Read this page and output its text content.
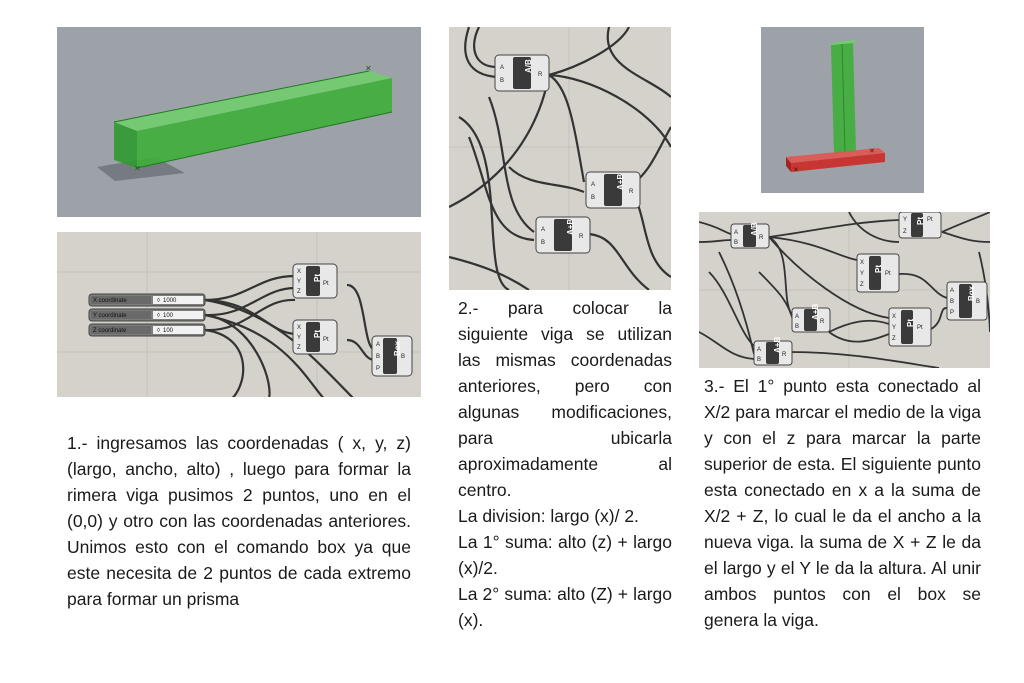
✕
✕
X coordinate	◊ 1000
Y coordinate	◊ 100
Z coordinate	◊ 100
Pt
X
Y
Z
Pt
Pt
X
Y
Z
Pt
Box
A
B
P
B
A/B
A
B
R
A+B
A
B
R
A+B
A
B
R
✕
✕
Pt
Y
Z
Pt
A/B
A
B
R
Pt
X
Y
Z
Pt
Box
A
B
P
B
A+B
A
B
R	Pt
X
Y
Z
Pt
A+B
A
B
R

1.- ingresamos las coordenadas ( x, y, z) (largo, ancho, alto) , luego para formar la rimera viga pusimos 2 puntos, uno en el (0,0) y otro con las coordenadas anteriores. Unimos esto con el comando box ya que este necesita de 2 puntos de cada extremo para formar un prisma

2.- para colocar la siguiente viga se utilizan las mismas coordenadas anteriores, pero con algunas modificaciones, para ubicarla aproximadamente al centro.

La division: largo (x)/ 2.

La 1° suma: alto (z) + largo (x)/2.

La 2° suma: alto (Z) + largo (x).

3.- El 1° punto esta conectado al X/2 para marcar el medio de la viga y con el z para marcar la parte superior de esta. El siguiente punto esta conectado en x a la suma de X/2 + Z, lo cual le da el ancho a la nueva viga. la suma de X + Z le da el largo y el Y le da la altura. Al unir ambos puntos con el box se genera la viga.
